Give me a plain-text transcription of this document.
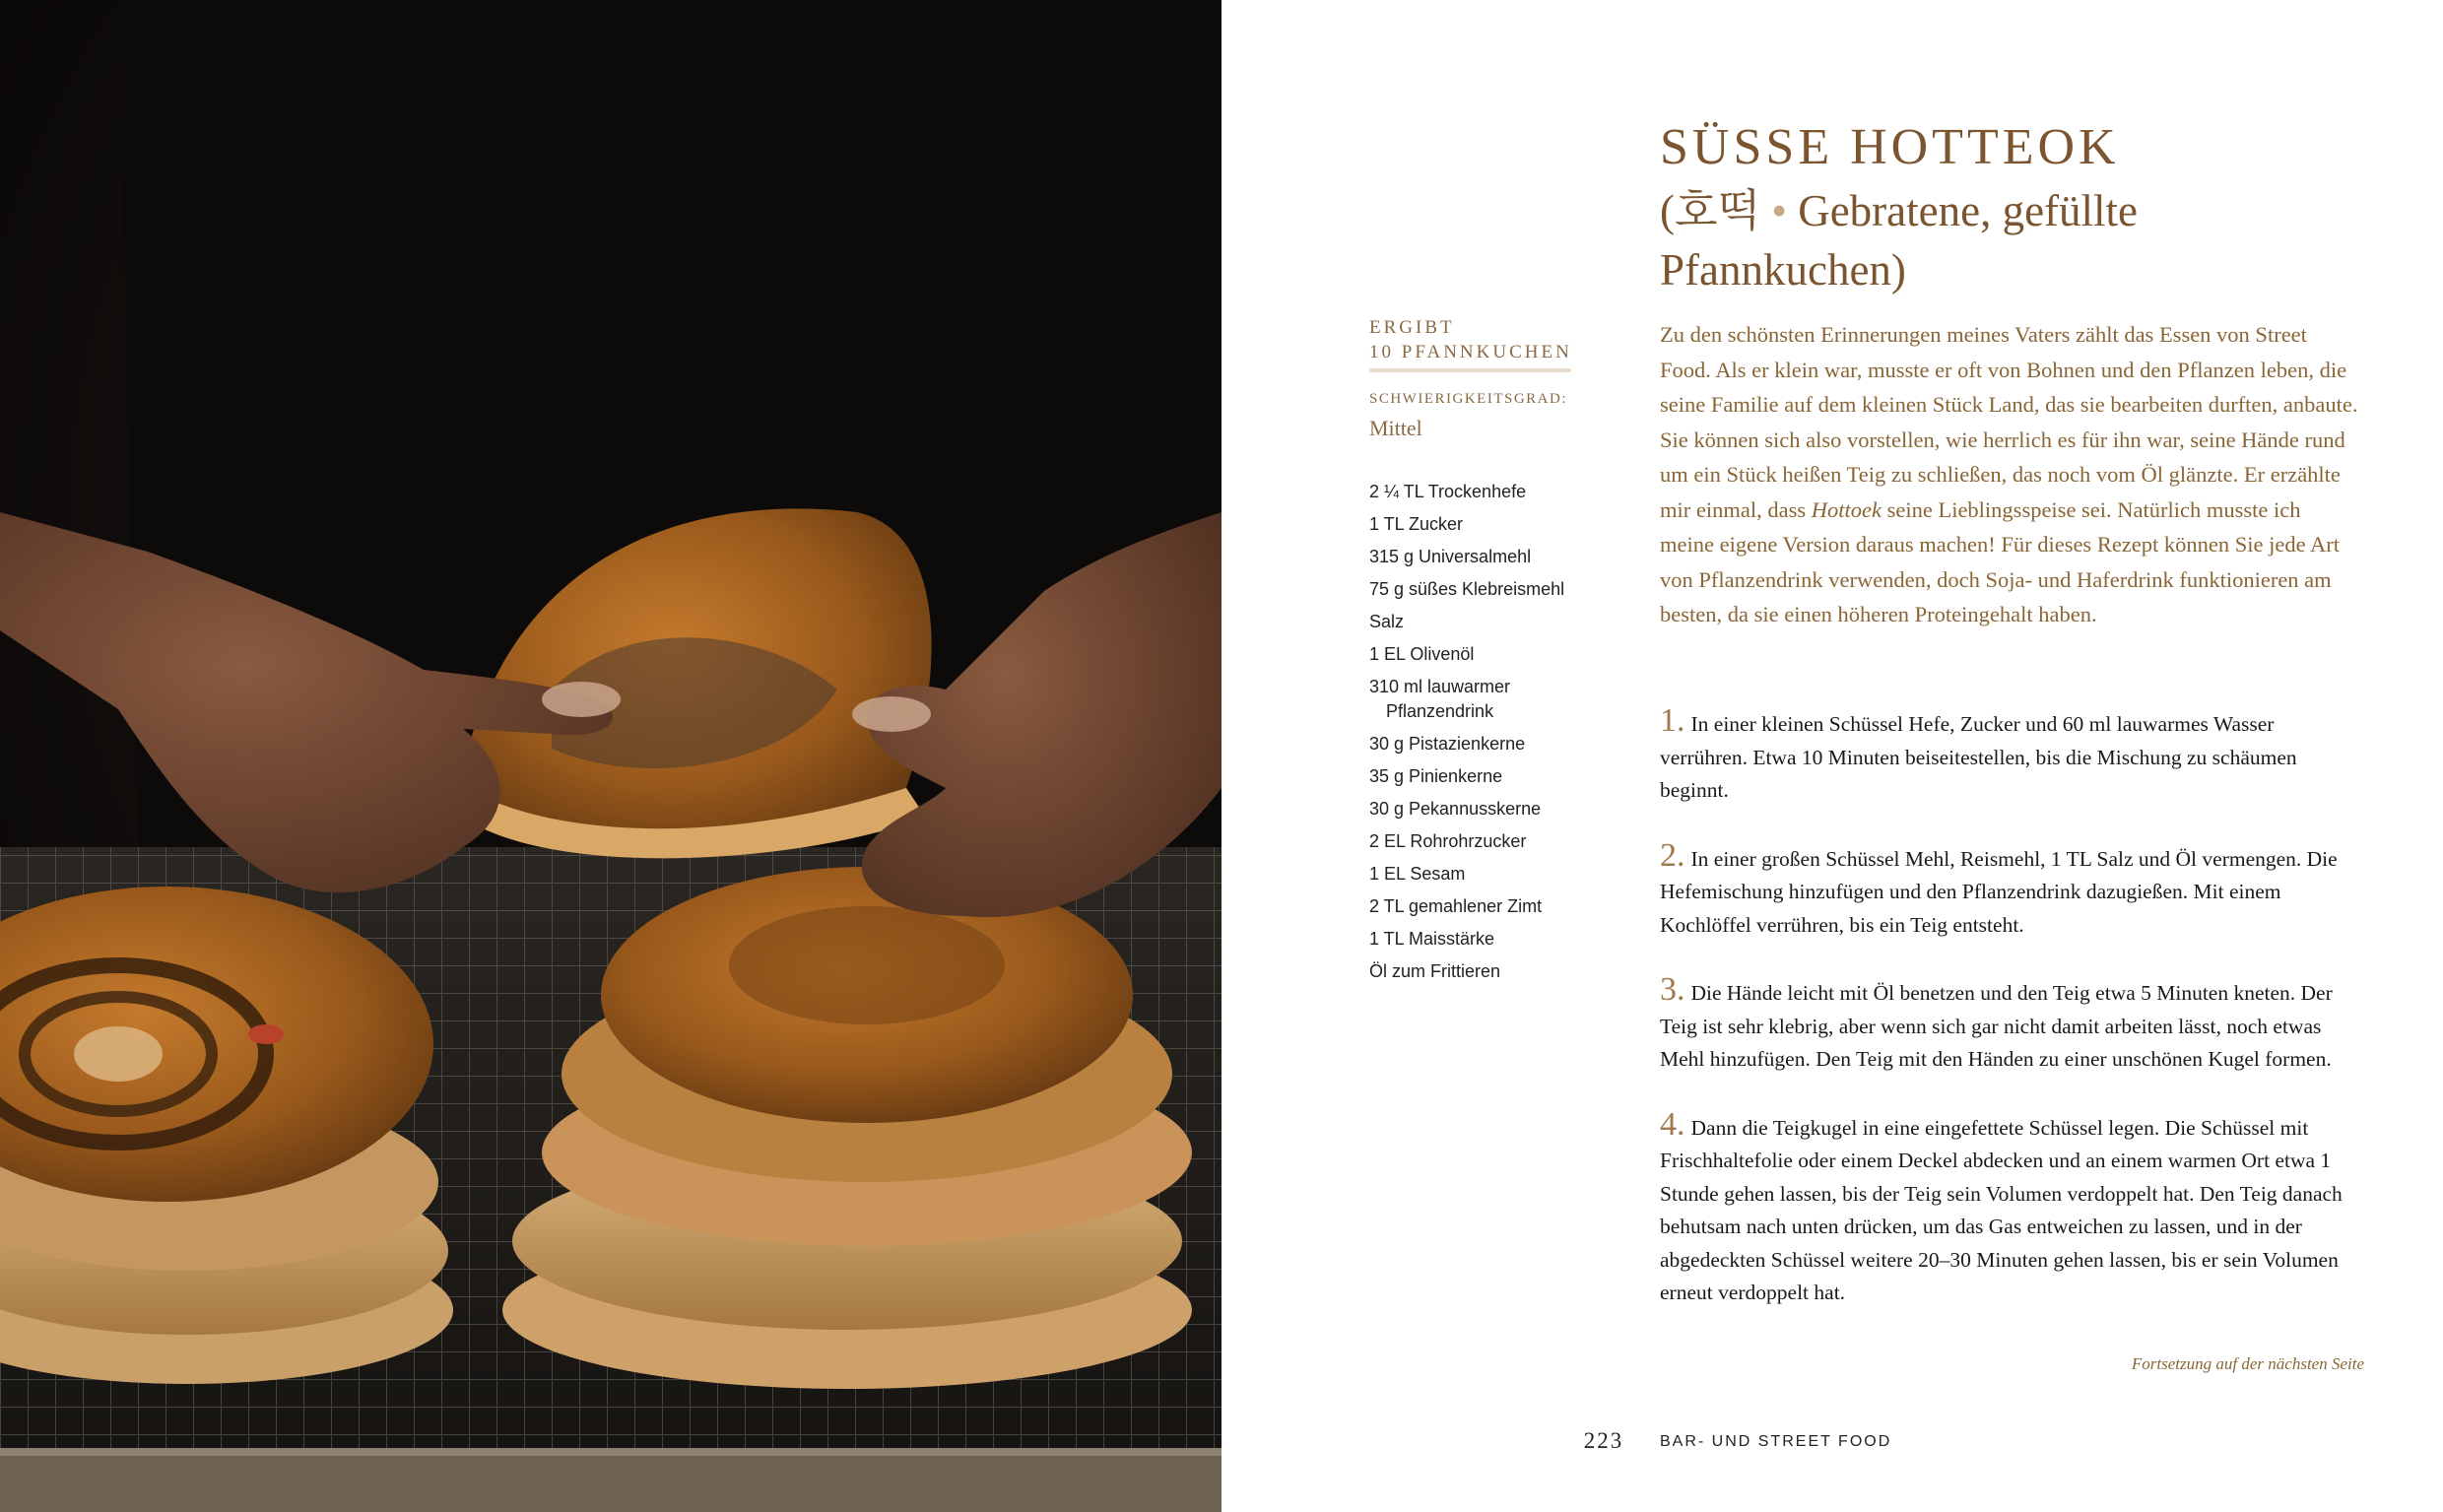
SÜSSE HOTTEOK
(호떡 • Gebratene, gefüllte Pfannkuchen)
ERGIBT
10 PFANNKUCHEN
SCHWIERIGKEITSGRAD:
Mittel
2 ¼ TL Trockenhefe
1 TL Zucker
315 g Universalmehl
75 g süßes Klebreismehl
Salz
1 EL Olivenöl
310 ml lauwarmer
Pflanzendrink
30 g Pistazienkerne
35 g Pinienkerne
30 g Pekannusskerne
2 EL Rohrohrzucker
1 EL Sesam
2 TL gemahlener Zimt
1 TL Maisstärke
Öl zum Frittieren

Zu den schönsten Erinnerungen meines Vaters zählt das Essen von Street Food. Als er klein war, musste er oft von Bohnen und den Pflanzen leben, die seine Familie auf dem kleinen Stück Land, das sie bearbeiten durften, anbaute. Sie können sich also vorstellen, wie herrlich es für ihn war, seine Hände rund um ein Stück heißen Teig zu schließen, das noch vom Öl glänzte. Er erzählte mir einmal, dass Hottoek seine Lieblingsspeise sei. Natürlich musste ich meine eigene Version daraus machen! Für dieses Rezept können Sie jede Art von Pflanzendrink verwenden, doch Soja- und Haferdrink funktionieren am besten, da sie einen höheren Proteingehalt haben.

1. In einer kleinen Schüssel Hefe, Zucker und 60 ml lauwarmes Wasser verrühren. Etwa 10 Minuten beiseitestellen, bis die Mischung zu schäumen beginnt.

2. In einer großen Schüssel Mehl, Reismehl, 1 TL Salz und Öl vermengen. Die Hefemischung hinzufügen und den Pflanzendrink dazugießen. Mit einem Kochlöffel verrühren, bis ein Teig entsteht.

3. Die Hände leicht mit Öl benetzen und den Teig etwa 5 Minuten kneten. Der Teig ist sehr klebrig, aber wenn sich gar nicht damit arbeiten lässt, noch etwas Mehl hinzufügen. Den Teig mit den Händen zu einer unschönen Kugel formen.

4. Dann die Teigkugel in eine eingefettete Schüssel legen. Die Schüssel mit Frischhaltefolie oder einem Deckel abdecken und an einem warmen Ort etwa 1 Stunde gehen lassen, bis der Teig sein Volumen verdoppelt hat. Den Teig danach behutsam nach unten drücken, um das Gas entweichen zu lassen, und in der abgedeckten Schüssel weitere 20–30 Minuten gehen lassen, bis er sein Volumen erneut verdoppelt hat.

Fortsetzung auf der nächsten Seite
223	BAR- UND STREET FOOD
